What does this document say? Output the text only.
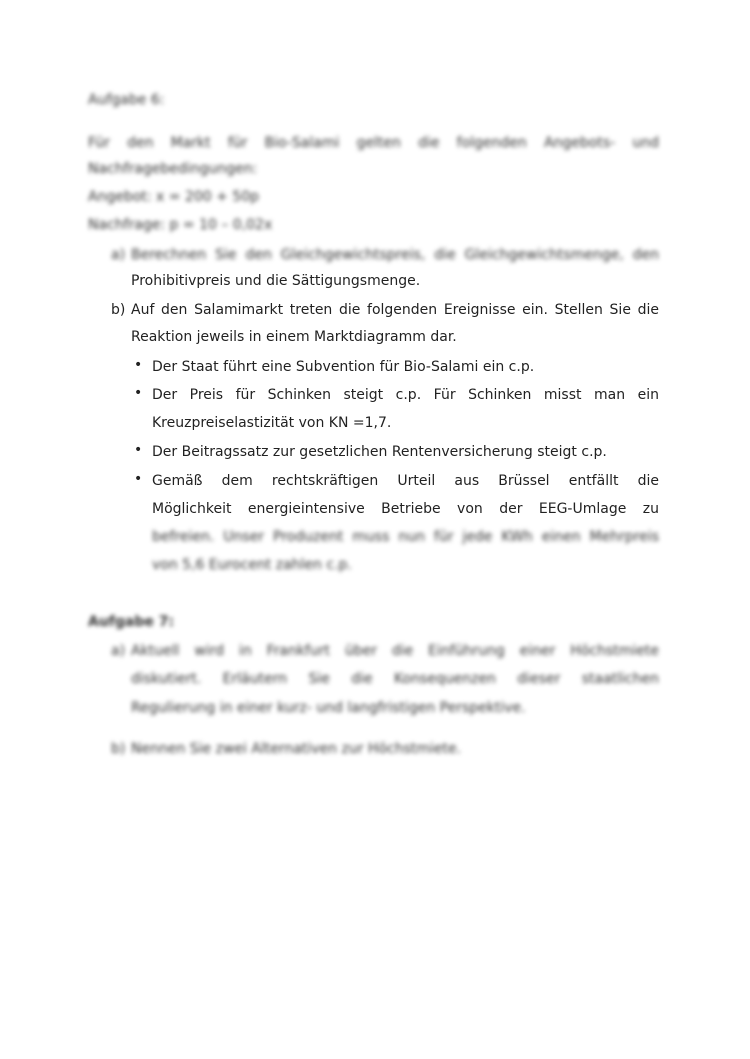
Aufgabe 6:
Für den Markt für Bio-Salami gelten die folgenden Angebots- und
Nachfragebedingungen:
Angebot: x = 200 + 50p
Nachfrage: p = 10 – 0,02x
a) Berechnen Sie den Gleichgewichtspreis, die Gleichgewichtsmenge, den
Prohibitivpreis und die Sättigungsmenge.
b) Auf den Salamimarkt treten die folgenden Ereignisse ein. Stellen Sie die
Reaktion jeweils in einem Marktdiagramm dar.
• Der Staat führt eine Subvention für Bio-Salami ein c.p.
• Der Preis für Schinken steigt c.p. Für Schinken misst man ein
Kreuzpreiselastizität von KN =1,7.
• Der Beitragssatz zur gesetzlichen Rentenversicherung steigt c.p.
• Gemäß dem rechtskräftigen Urteil aus Brüssel entfällt die
Möglichkeit energieintensive Betriebe von der EEG-Umlage zu
befreien. Unser Produzent muss nun für jede KWh einen Mehrpreis
von 5,6 Eurocent zahlen c.p.
Aufgabe 7:
a) Aktuell wird in Frankfurt über die Einführung einer Höchstmiete
diskutiert. Erläutern Sie die Konsequenzen dieser staatlichen
Regulierung in einer kurz- und langfristigen Perspektive.
b) Nennen Sie zwei Alternativen zur Höchstmiete.
